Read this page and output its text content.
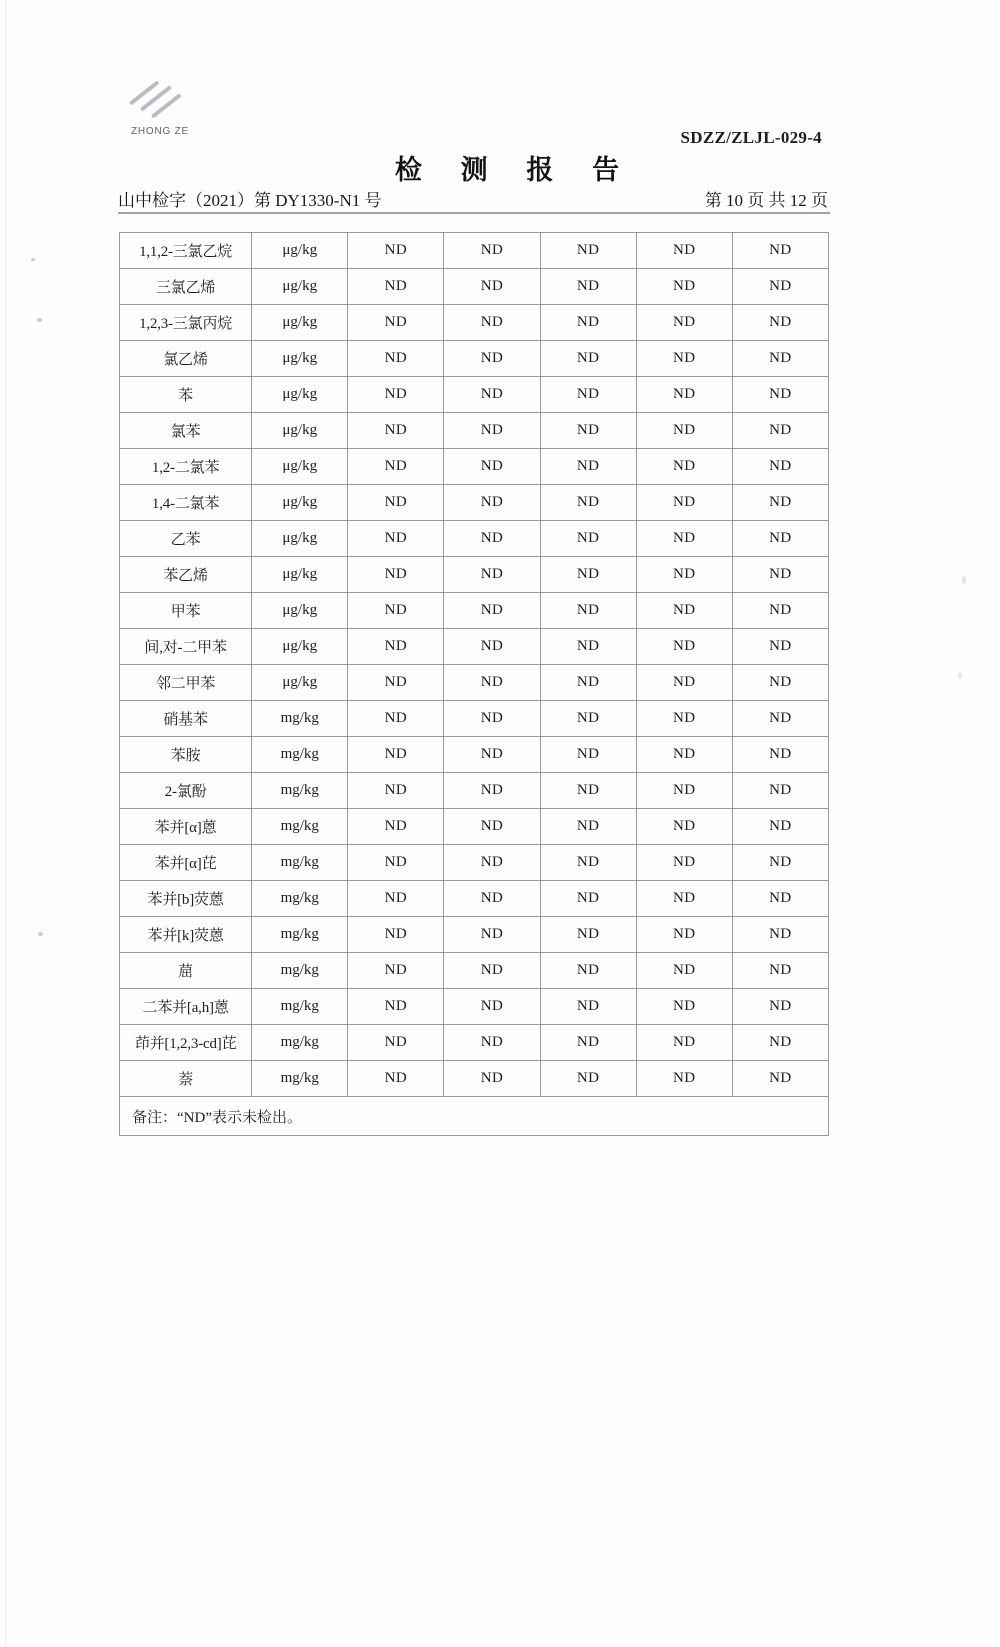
ZHONG ZE	SDZZ/ZLJL-029-4
检 测 报 告
山中检字（2021）第 DY1330-N1 号	第 10 页 共 12 页
1,1,2-三氯乙烷	μg/kg	ND	ND	ND	ND	ND
三氯乙烯	μg/kg	ND	ND	ND	ND	ND
1,2,3-三氯丙烷	μg/kg	ND	ND	ND	ND	ND
氯乙烯	μg/kg	ND	ND	ND	ND	ND
苯	μg/kg	ND	ND	ND	ND	ND
氯苯	μg/kg	ND	ND	ND	ND	ND
1,2-二氯苯	μg/kg	ND	ND	ND	ND	ND
1,4-二氯苯	μg/kg	ND	ND	ND	ND	ND
乙苯	μg/kg	ND	ND	ND	ND	ND
苯乙烯	μg/kg	ND	ND	ND	ND	ND
甲苯	μg/kg	ND	ND	ND	ND	ND
间,对-二甲苯	μg/kg	ND	ND	ND	ND	ND
邻二甲苯	μg/kg	ND	ND	ND	ND	ND
硝基苯	mg/kg	ND	ND	ND	ND	ND
苯胺	mg/kg	ND	ND	ND	ND	ND
2-氯酚	mg/kg	ND	ND	ND	ND	ND
苯并[α]蒽	mg/kg	ND	ND	ND	ND	ND
苯并[α]芘	mg/kg	ND	ND	ND	ND	ND
苯并[b]荧蒽	mg/kg	ND	ND	ND	ND	ND
苯并[k]荧蒽	mg/kg	ND	ND	ND	ND	ND
䓛	mg/kg	ND	ND	ND	ND	ND
二苯并[a,h]蒽	mg/kg	ND	ND	ND	ND	ND
茚并[1,2,3-cd]芘	mg/kg	ND	ND	ND	ND	ND
萘	mg/kg	ND	ND	ND	ND	ND
备注：“ND”表示未检出。						
